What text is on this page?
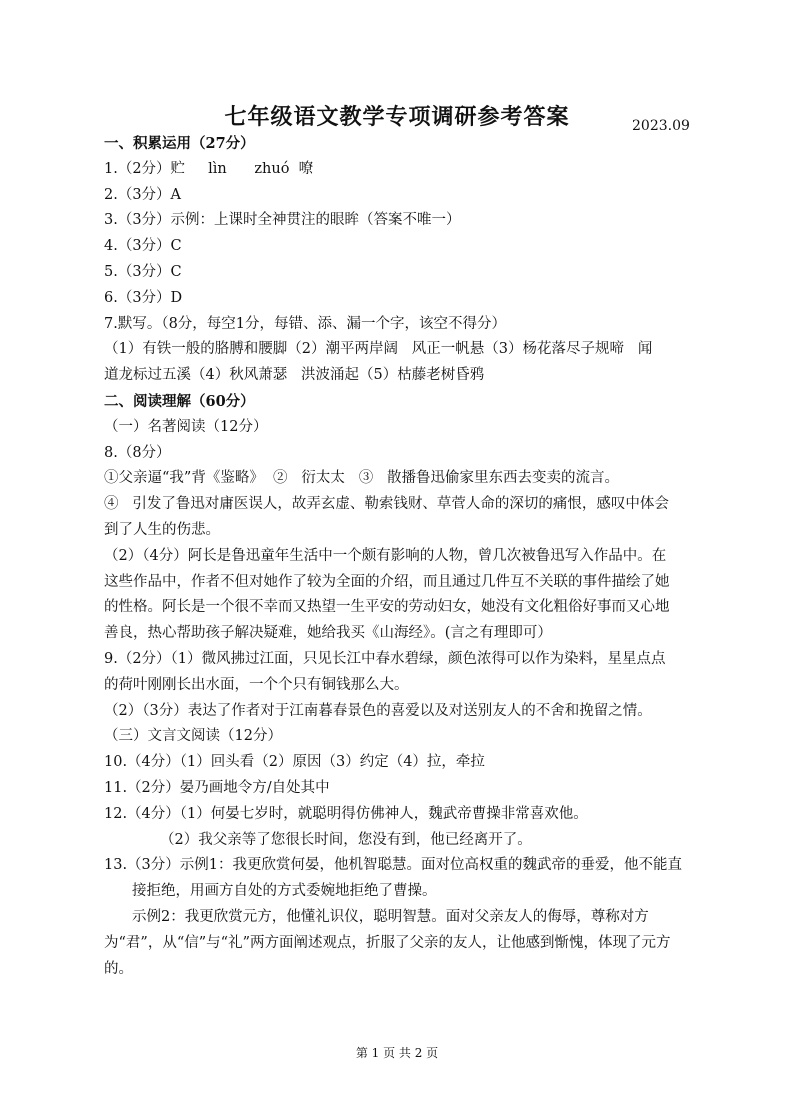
七年级语文教学专项调研参考答案	2023.09

一、积累运用（27分）

1.（2分）贮     lìn      zhuó  嘹

2.（3分）A

3.（3分）示例：上课时全神贯注的眼眸（答案不唯一）

4.（3分）C

5.（3分）C

6.（3分）D

7.默写。（8分，每空1分，每错、添、漏一个字，该空不得分）

（1）有铁一般的胳膊和腰脚（2）潮平两岸阔   风正一帆悬（3）杨花落尽子规啼   闻

道龙标过五溪（4）秋风萧瑟   洪波涌起（5）枯藤老树昏鸦

二、阅读理解（60分）

（一）名著阅读（12分）

8.（8分）

①父亲逼“我”背《鉴略》  ②   衍太太   ③   散播鲁迅偷家里东西去变卖的流言。

④   引发了鲁迅对庸医误人，故弄玄虚、勒索钱财、草菅人命的深切的痛恨，感叹中体会

到了人生的伤悲。

（2）（4分）阿长是鲁迅童年生活中一个颇有影响的人物，曾几次被鲁迅写入作品中。在

这些作品中，作者不但对她作了较为全面的介绍，而且通过几件互不关联的事件描绘了她

的性格。阿长是一个很不幸而又热望一生平安的劳动妇女，她没有文化粗俗好事而又心地

善良，热心帮助孩子解决疑难，她给我买《山海经》。(言之有理即可）

9.（2分）（1）微风拂过江面，只见长江中春水碧绿，颜色浓得可以作为染料，星星点点

的荷叶刚刚长出水面，一个个只有铜钱那么大。

（2）（3分）表达了作者对于江南暮春景色的喜爱以及对送别友人的不舍和挽留之情。

（三）文言文阅读（12分）

10.（4分）（1）回头看（2）原因（3）约定（4）拉，牵拉

11.（2分）晏乃画地令方/自处其中

12.（4分）（1）何晏七岁时，就聪明得仿佛神人，魏武帝曹操非常喜欢他。

（2）我父亲等了您很长时间，您没有到，他已经离开了。

13.（3分）示例1：我更欣赏何晏，他机智聪慧。面对位高权重的魏武帝的垂爱，他不能直接拒绝，用画方自处的方式委婉地拒绝了曹操。

示例2：我更欣赏元方，他懂礼识仪，聪明智慧。面对父亲友人的侮辱，尊称对方为“君”，从“信”与“礼”两方面阐述观点，折服了父亲的友人，让他感到惭愧，体现了元方的。

第 1 页 共 2 页
